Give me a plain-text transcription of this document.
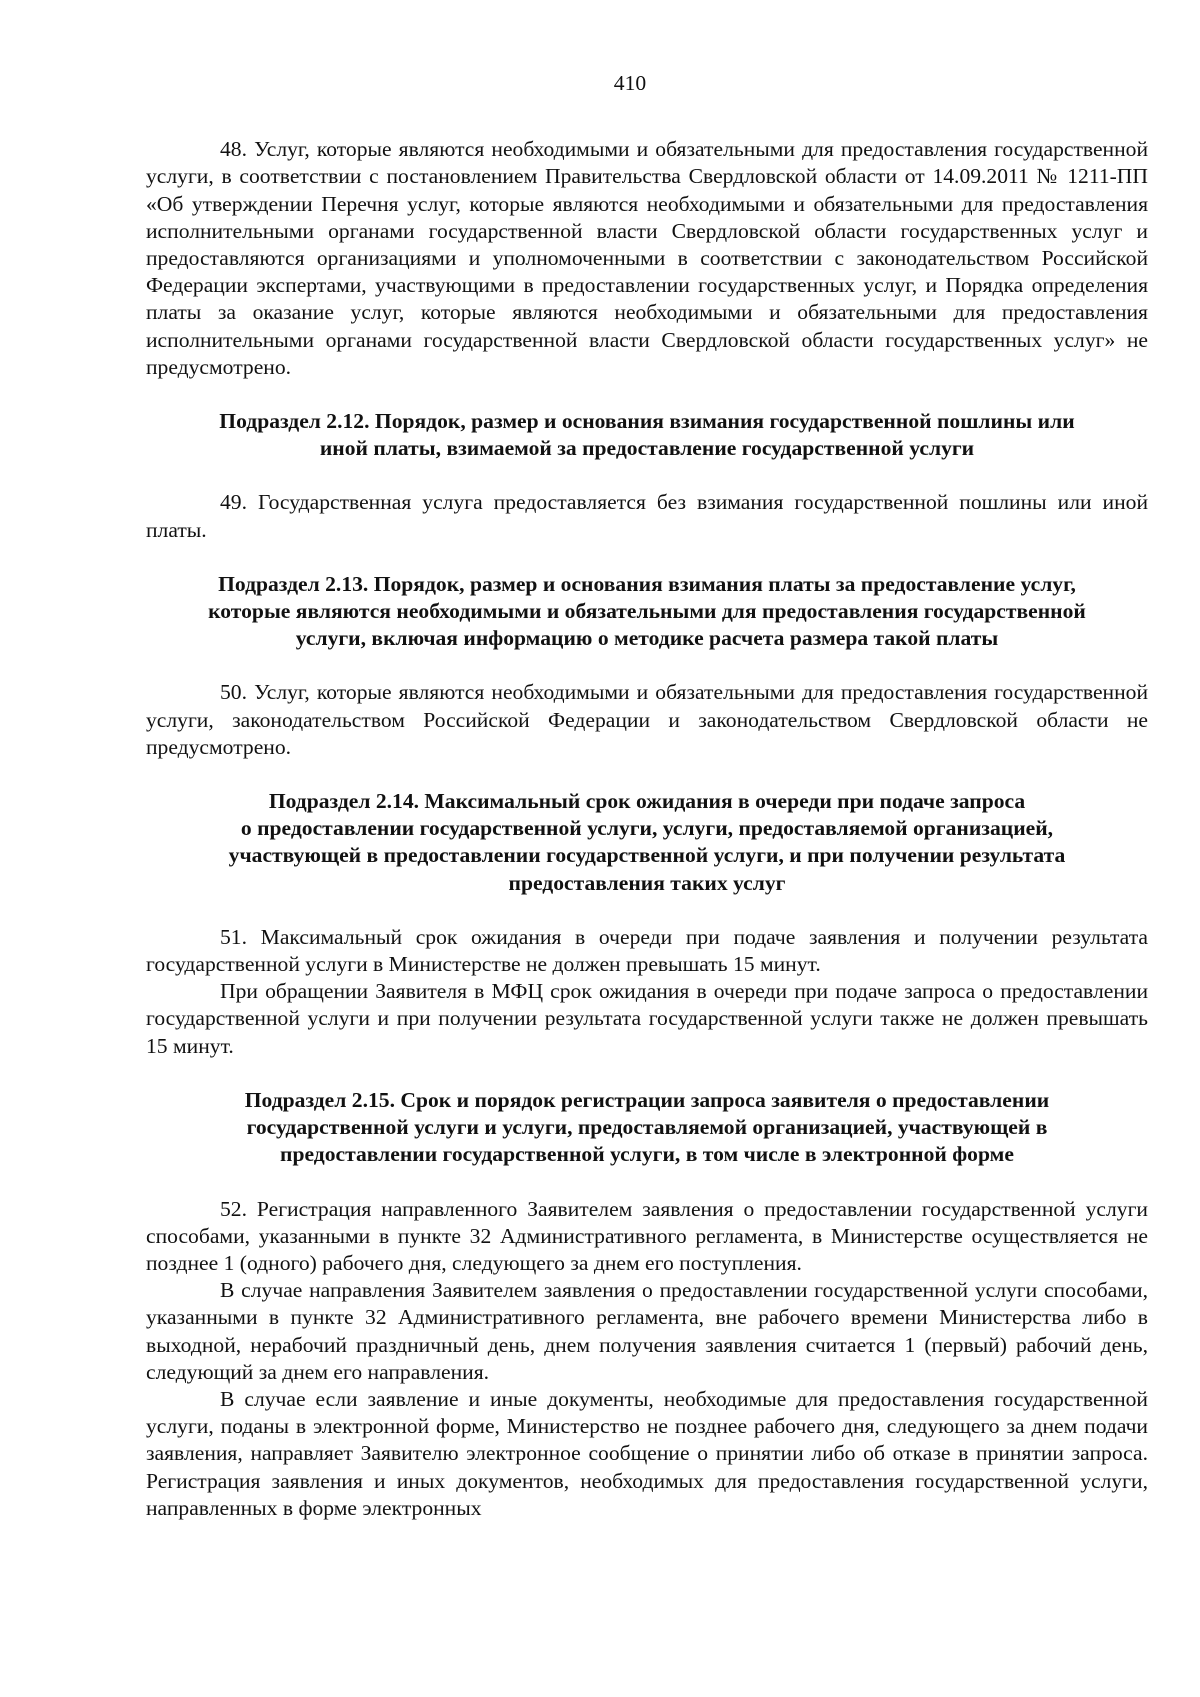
410

48. Услуг, которые являются необходимыми и обязательными для предоставления государственной услуги, в соответствии с постановлением Правительства Свердловской области от 14.09.2011 № 1211-ПП «Об утверждении Перечня услуг, которые являются необходимыми и обязательными для предоставления исполнительными органами государственной власти Свердловской области государственных услуг и предоставляются организациями и уполномоченными в соответствии с законодательством Российской Федерации экспертами, участвующими в предоставлении государственных услуг, и Порядка определения платы за оказание услуг, которые являются необходимыми и обязательными для предоставления исполнительными органами государственной власти Свердловской области государственных услуг» не предусмотрено.

Подраздел 2.12. Порядок, размер и основания взимания государственной пошлины или
иной платы, взимаемой за предоставление государственной услуги

49. Государственная услуга предоставляется без взимания государственной пошлины или иной платы.

Подраздел 2.13. Порядок, размер и основания взимания платы за предоставление услуг,
которые являются необходимыми и обязательными для предоставления государственной
услуги, включая информацию о методике расчета размера такой платы

50. Услуг, которые являются необходимыми и обязательными для предоставления государственной услуги, законодательством Российской Федерации и законодательством Свердловской области не предусмотрено.

Подраздел 2.14. Максимальный срок ожидания в очереди при подаче запроса
о предоставлении государственной услуги, услуги, предоставляемой организацией,
участвующей в предоставлении государственной услуги, и при получении результата
предоставления таких услуг

51. Максимальный срок ожидания в очереди при подаче заявления и получении результата государственной услуги в Министерстве не должен превышать 15 минут.

При обращении Заявителя в МФЦ срок ожидания в очереди при подаче запроса о предоставлении государственной услуги и при получении результата государственной услуги также не должен превышать 15 минут.

Подраздел 2.15. Срок и порядок регистрации запроса заявителя о предоставлении
государственной услуги и услуги, предоставляемой организацией, участвующей в
предоставлении государственной услуги, в том числе в электронной форме

52. Регистрация направленного Заявителем заявления о предоставлении государственной услуги способами, указанными в пункте 32 Административного регламента, в Министерстве осуществляется не позднее 1 (одного) рабочего дня, следующего за днем его поступления.

В случае направления Заявителем заявления о предоставлении государственной услуги способами, указанными в пункте 32 Административного регламента, вне рабочего времени Министерства либо в выходной, нерабочий праздничный день, днем получения заявления считается 1 (первый) рабочий день, следующий за днем его направления.

В случае если заявление и иные документы, необходимые для предоставления государственной услуги, поданы в электронной форме, Министерство не позднее рабочего дня, следующего за днем подачи заявления, направляет Заявителю электронное сообщение о принятии либо об отказе в принятии запроса. Регистрация заявления и иных документов, необходимых для предоставления государственной услуги, направленных в форме электронных
